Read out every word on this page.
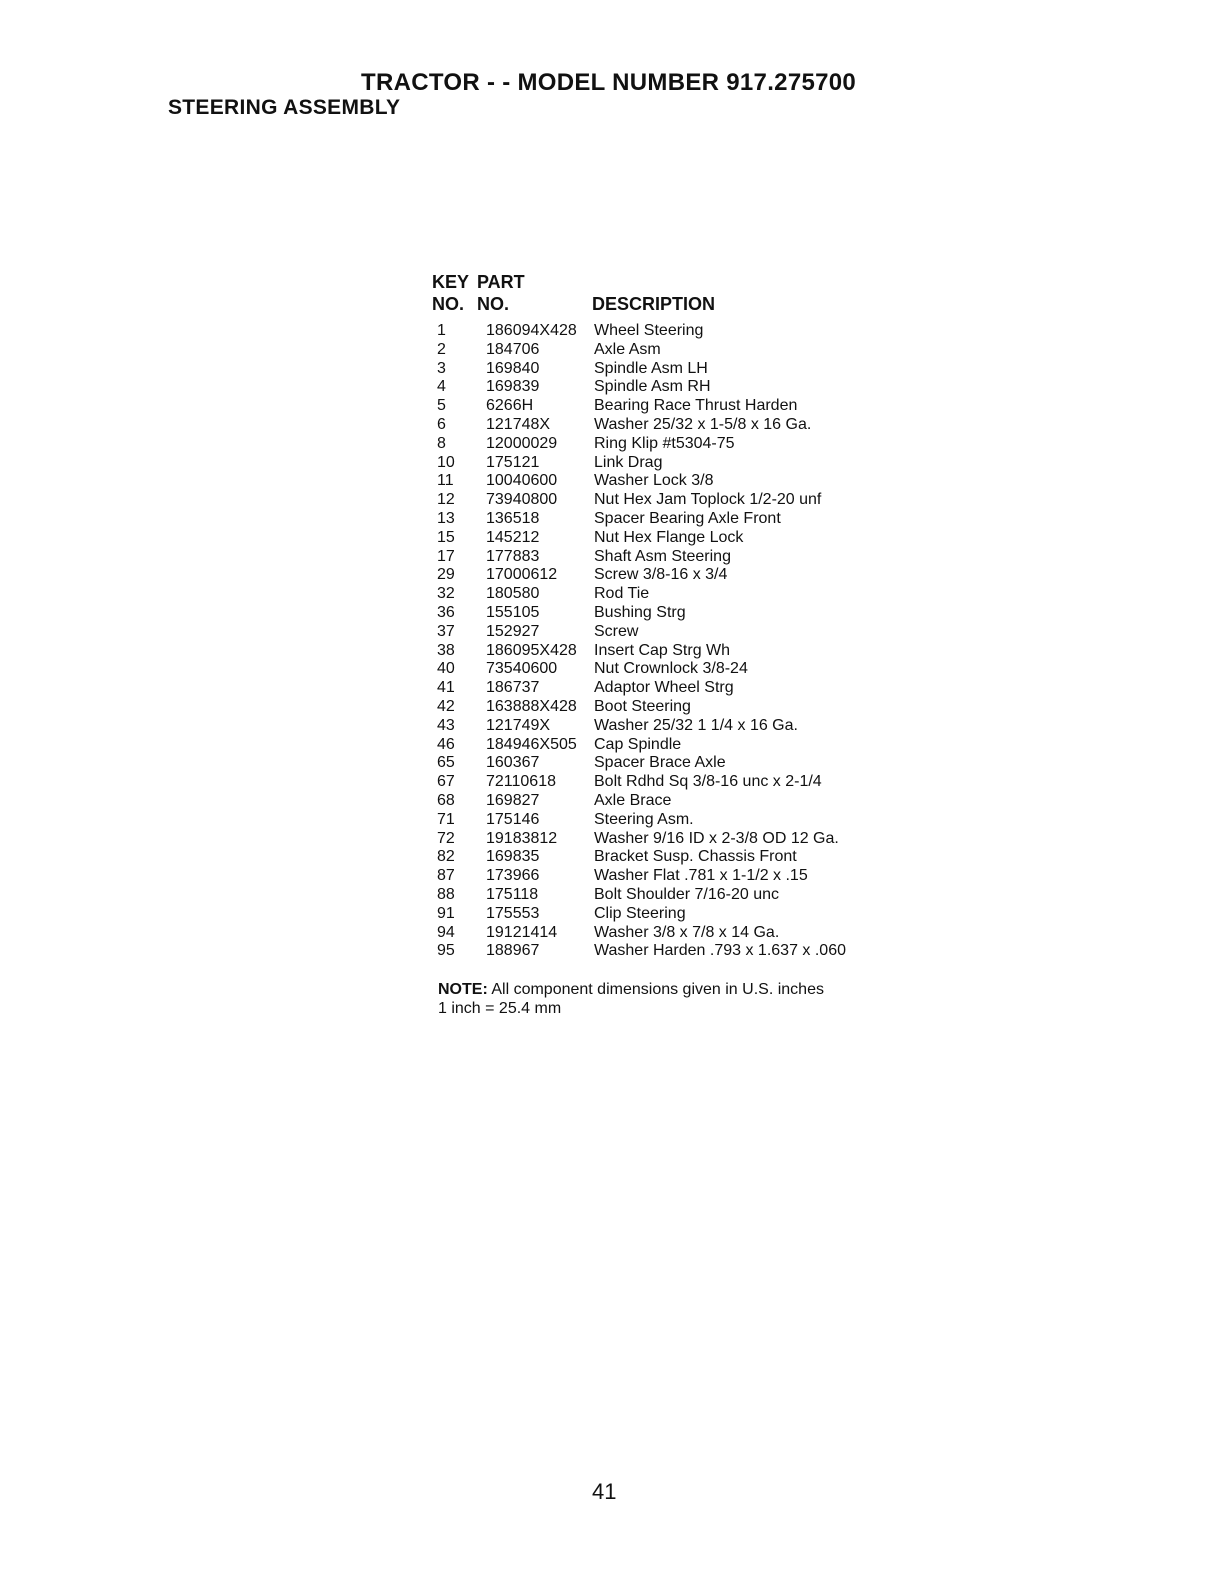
TRACTOR - - MODEL NUMBER 917.275700
STEERING ASSEMBLY
KEY PART
NO. NO.	DESCRIPTION
1	186094X428 Wheel Steering
2	184706	Axle Asm
3	169840	Spindle Asm LH
4	169839	Spindle Asm RH
5	6266H	Bearing Race Thrust Harden
6	121748X	Washer 25/32 x 1-5/8 x 16 Ga.
8	12000029 Ring Klip #t5304-75
10 175121	Link Drag
11 10040600 Washer Lock 3/8
12 73940800 Nut Hex Jam Toplock 1/2-20 unf
13 136518	Spacer Bearing Axle Front
15 145212	Nut Hex Flange Lock
17 177883	Shaft Asm Steering
29 17000612 Screw 3/8-16 x 3/4
32 180580	Rod Tie
36 155105	Bushing Strg
37 152927	Screw
38 186095X428 Insert Cap Strg Wh
40 73540600 Nut Crownlock 3/8-24
41 186737	Adaptor Wheel Strg
42 163888X428 Boot Steering
43 121749X	Washer 25/32 1 1/4 x 16 Ga.
46 184946X505 Cap Spindle
65 160367	Spacer Brace Axle
67 72110618 Bolt Rdhd Sq 3/8-16 unc x 2-1/4
68 169827	Axle Brace
71 175146	Steering Asm.
72 19183812 Washer 9/16 ID x 2-3/8 OD 12 Ga.
82 169835	Bracket Susp. Chassis Front
87 173966	Washer Flat .781 x 1-1/2 x .15
88 175118	Bolt Shoulder 7/16-20 unc
91 175553	Clip Steering
94 19121414 Washer 3/8 x 7/8 x 14 Ga.
95 188967	Washer Harden .793 x 1.637 x .060
NOTE: All component dimensions given in U.S. inches
1 inch = 25.4 mm
41
